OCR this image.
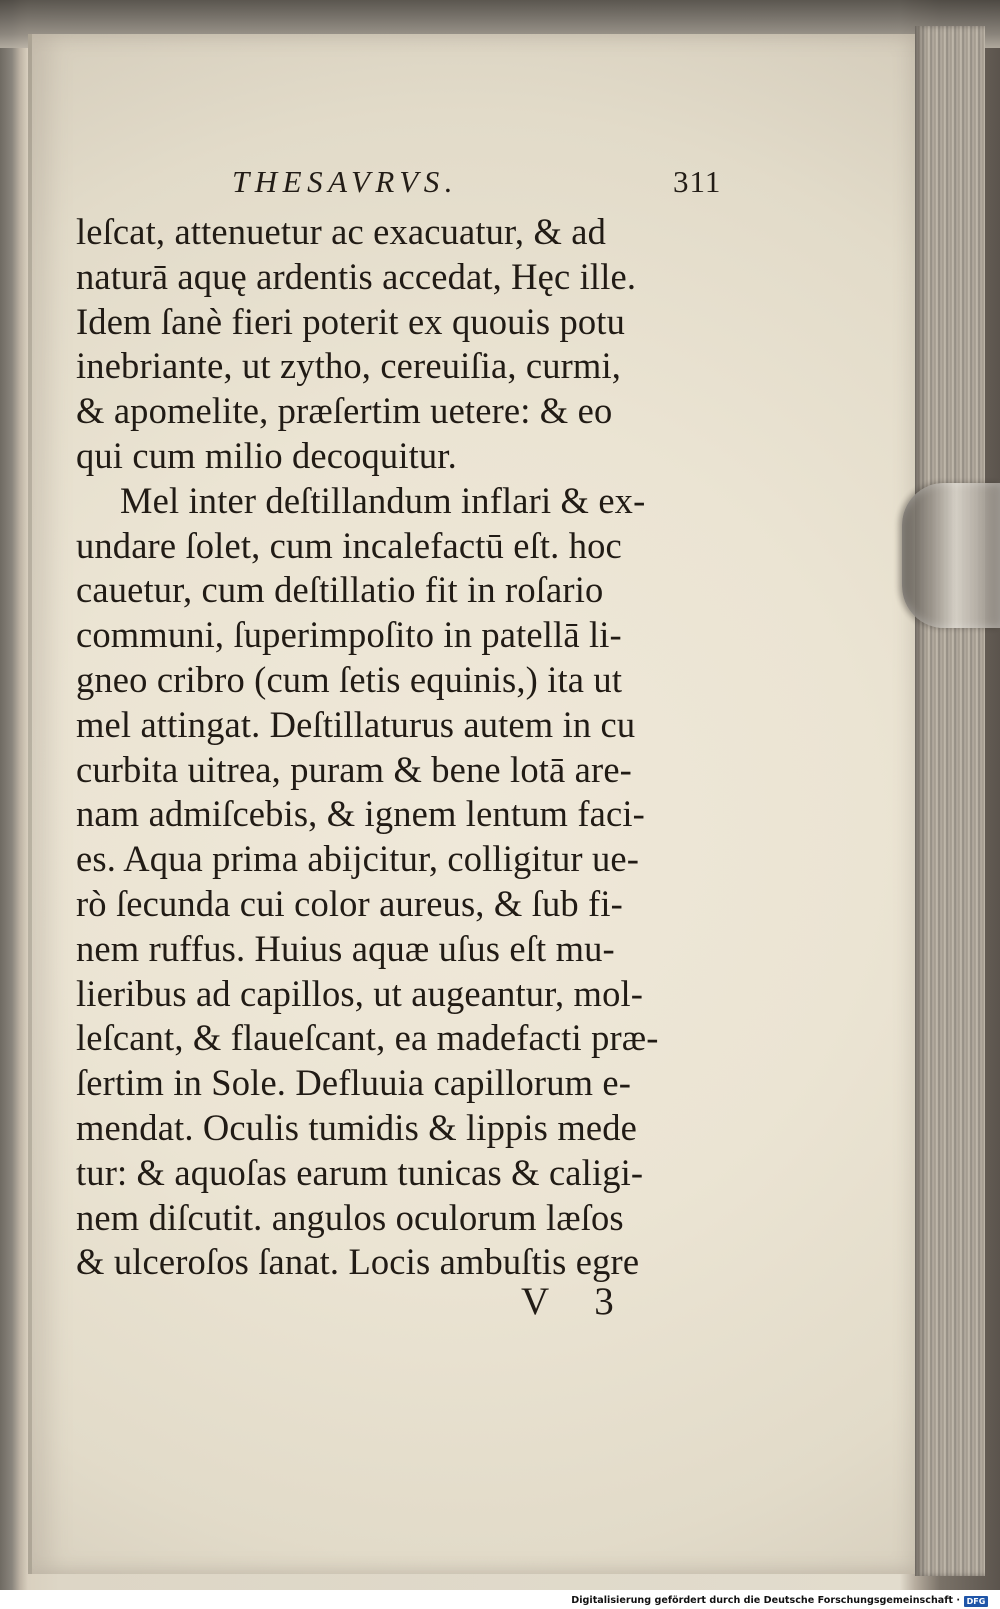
THESAVRVS.	311
leſcat, attenuetur ac exacuatur, & ad
naturā aquę ardentis accedat, Hęc ille.
Idem ſanè fieri poterit ex quouis potu
inebriante, ut zytho, cereuiſia, curmi,
& apomelite, præſertim uetere: & eo
qui cum milio decoquitur.
Mel inter deſtillandum inflari & ex-
undare ſolet, cum incalefactū eſt. hoc
cauetur, cum deſtillatio fit in roſario
communi, ſuperimpoſito in patellā li-
gneo cribro (cum ſetis equinis,) ita ut
mel attingat. Deſtillaturus autem in cu
curbita uitrea, puram & bene lotā are-
nam admiſcebis, & ignem lentum faci-
es. Aqua prima abijcitur, colligitur ue-
rò ſecunda cui color aureus, & ſub fi-
nem ruffus. Huius aquæ uſus eſt mu-
lieribus ad capillos, ut augeantur, mol-
leſcant, & flaueſcant, ea madefacti præ-
ſertim in Sole. Defluuia capillorum e-
mendat. Oculis tumidis & lippis mede
tur: & aquoſas earum tunicas & caligi-
nem diſcutit. angulos oculorum læſos
& ulceroſos ſanat. Locis ambuſtis egre
V 3
Digitalisierung gefördert durch die Deutsche Forschungsgemeinschaft · DFG
